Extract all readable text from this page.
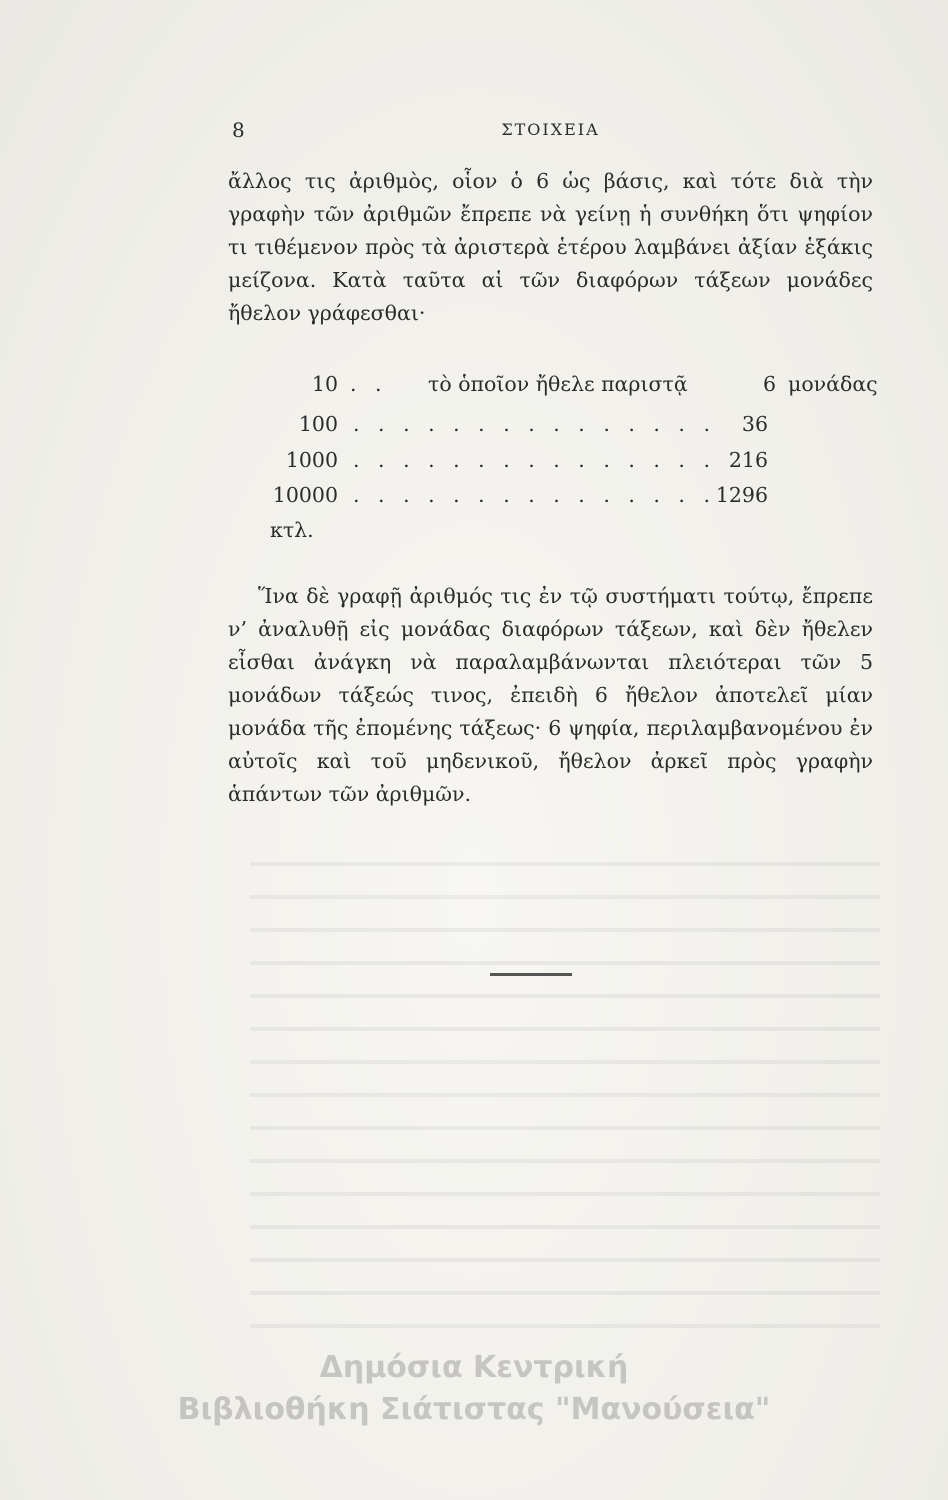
8	ΣΤΟΙΧΕΙΑ
ἄλλος τις ἀριθμὸς, οἷον ὁ 6 ὡς βάσις, καὶ τότε διὰ τὴν γραφὴν τῶν ἀριθμῶν ἔπρεπε νὰ γείνῃ ἡ συνθήκη ὅτι ψηφίον τι τιθέμενον πρὸς τὰ ἀριστερὰ ἑτέρου λαμβάνει ἀξίαν ἑξάκις μείζονα. Κατὰ ταῦτα αἱ τῶν διαφόρων τάξεων μονάδες ἤθελον γράφεσθαι·
10 . . τὸ ὁποῖον ἤθελε παριστᾷ	6 μονάδας
100 . . . . . . . . . . . . . . . 36
1000 . . . . . . . . . . . . . . . 216
10000 . . . . . . . . . . . . . . . 1296
κτλ.
Ἵνα δὲ γραφῇ ἀριθμός τις ἐν τῷ συστήματι τούτῳ, ἔπρεπε ν’ ἀναλυθῇ εἰς μονάδας διαφόρων τάξεων, καὶ δὲν ἤθελεν εἶσθαι ἀνάγκη νὰ παραλαμβάνωνται πλειότεραι τῶν 5 μονάδων τάξεώς τινος, ἐπειδὴ 6 ἤθελον ἀποτελεῖ μίαν μονάδα τῆς ἐπομένης τάξεως· 6 ψηφία, περιλαμβανομένου ἐν αὐτοῖς καὶ τοῦ μηδενικοῦ, ἤθελον ἀρκεῖ πρὸς γραφὴν ἁπάντων τῶν ἀριθμῶν.
Δημόσια Κεντρική
Βιβλιοθήκη Σιάτιστας "Μανούσεια"
